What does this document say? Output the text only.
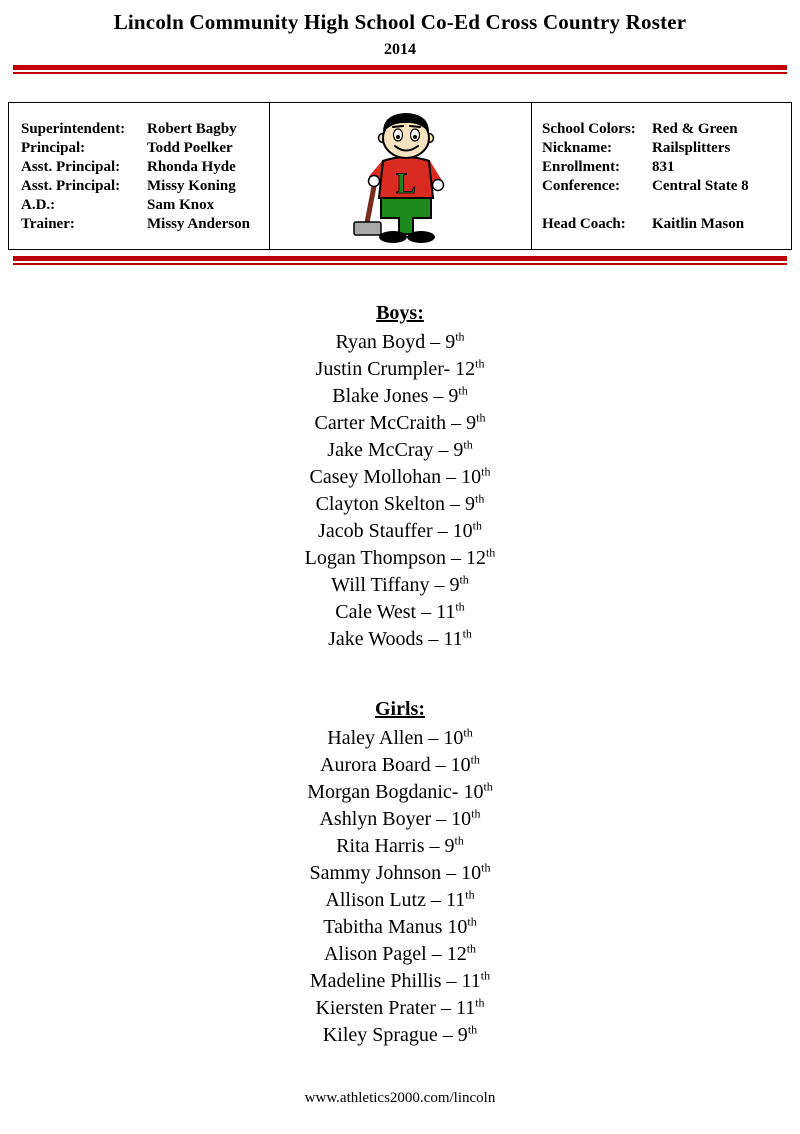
Lincoln Community High School Co-Ed Cross Country Roster
2014
Superintendent:	Robert Bagby
Principal:	Todd Poelker
Asst. Principal:	Rhonda Hyde
Asst. Principal:	Missy Koning
A.D.:	Sam Knox
Trainer:	Missy Anderson
L
School Colors:	Red & Green
Nickname:	Railsplitters
Enrollment:	831
Conference:	Central State 8
Head Coach:	Kaitlin Mason
Boys:
Ryan Boyd – 9th
Justin Crumpler- 12th
Blake Jones – 9th
Carter McCraith – 9th
Jake McCray – 9th
Casey Mollohan – 10th
Clayton Skelton – 9th
Jacob Stauffer – 10th
Logan Thompson – 12th
Will Tiffany – 9th
Cale West – 11th
Jake Woods – 11th
Girls:
Haley Allen – 10th
Aurora Board – 10th
Morgan Bogdanic- 10th
Ashlyn Boyer – 10th
Rita Harris – 9th
Sammy Johnson – 10th
Allison Lutz – 11th
Tabitha Manus 10th
Alison Pagel – 12th
Madeline Phillis – 11th
Kiersten Prater – 11th
Kiley Sprague – 9th
www.athletics2000.com/lincoln
